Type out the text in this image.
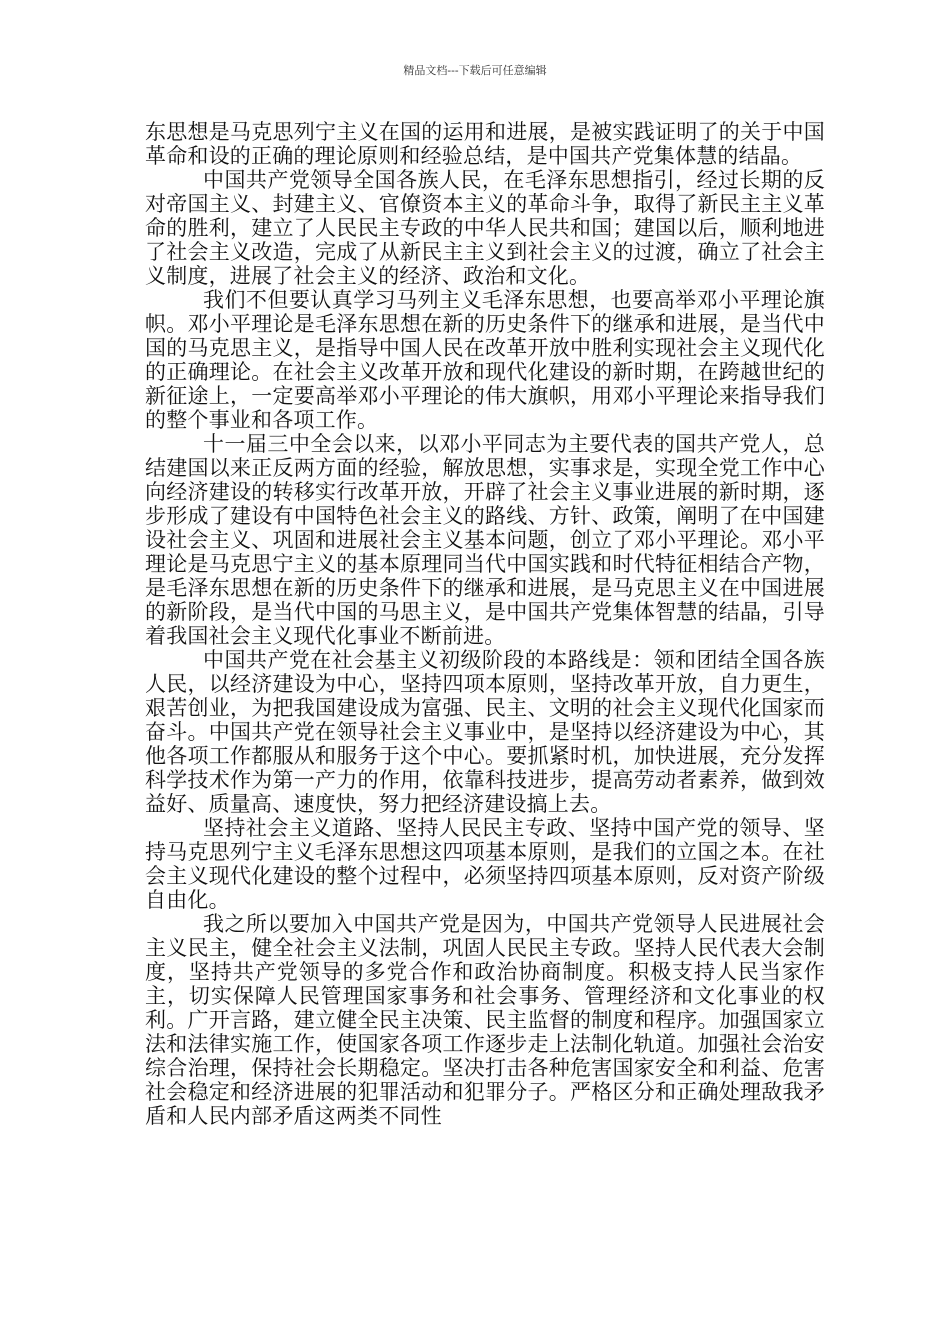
精品文档---下载后可任意编辑

东思想是马克思列宁主义在国的运用和进展，是被实践证明了的关于中国革命和设的正确的理论原则和经验总结，是中国共产党集体慧的结晶。

中国共产党领导全国各族人民，在毛泽东思想指引，经过长期的反对帝国主义、封建主义、官僚资本主义的革命斗争，取得了新民主主义革命的胜利，建立了人民民主专政的中华人民共和国；建国以后，顺利地进了社会主义改造，完成了从新民主主义到社会主义的过渡，确立了社会主义制度，进展了社会主义的经济、政治和文化。

我们不但要认真学习马列主义毛泽东思想，也要高举邓小平理论旗帜。邓小平理论是毛泽东思想在新的历史条件下的继承和进展，是当代中国的马克思主义，是指导中国人民在改革开放中胜利实现社会主义现代化的正确理论。在社会主义改革开放和现代化建设的新时期，在跨越世纪的新征途上，一定要高举邓小平理论的伟大旗帜，用邓小平理论来指导我们的整个事业和各项工作。

十一届三中全会以来，以邓小平同志为主要代表的国共产党人，总结建国以来正反两方面的经验，解放思想，实事求是，实现全党工作中心向经济建设的转移实行改革开放，开辟了社会主义事业进展的新时期，逐步形成了建设有中国特色社会主义的路线、方针、政策，阐明了在中国建设社会主义、巩固和进展社会主义基本问题，创立了邓小平理论。邓小平理论是马克思宁主义的基本原理同当代中国实践和时代特征相结合产物，是毛泽东思想在新的历史条件下的继承和进展，是马克思主义在中国进展的新阶段，是当代中国的马思主义，是中国共产党集体智慧的结晶，引导着我国社会主义现代化事业不断前进。

中国共产党在社会基主义初级阶段的本路线是：领和团结全国各族人民，以经济建设为中心，坚持四项本原则，坚持改革开放，自力更生，艰苦创业，为把我国建设成为富强、民主、文明的社会主义现代化国家而奋斗。中国共产党在领导社会主义事业中，是坚持以经济建设为中心，其他各项工作都服从和服务于这个中心。要抓紧时机，加快进展，充分发挥科学技术作为第一产力的作用，依靠科技进步，提高劳动者素养，做到效益好、质量高、速度快，努力把经济建设搞上去。

坚持社会主义道路、坚持人民民主专政、坚持中国产党的领导、坚持马克思列宁主义毛泽东思想这四项基本原则，是我们的立国之本。在社会主义现代化建设的整个过程中，必须坚持四项基本原则，反对资产阶级自由化。

我之所以要加入中国共产党是因为，中国共产党领导人民进展社会主义民主，健全社会主义法制，巩固人民民主专政。坚持人民代表大会制度，坚持共产党领导的多党合作和政治协商制度。积极支持人民当家作主，切实保障人民管理国家事务和社会事务、管理经济和文化事业的权利。广开言路，建立健全民主决策、民主监督的制度和程序。加强国家立法和法律实施工作，使国家各项工作逐步走上法制化轨道。加强社会治安综合治理，保持社会长期稳定。坚决打击各种危害国家安全和利益、危害社会稳定和经济进展的犯罪活动和犯罪分子。严格区分和正确处理敌我矛盾和人民内部矛盾这两类不同性
